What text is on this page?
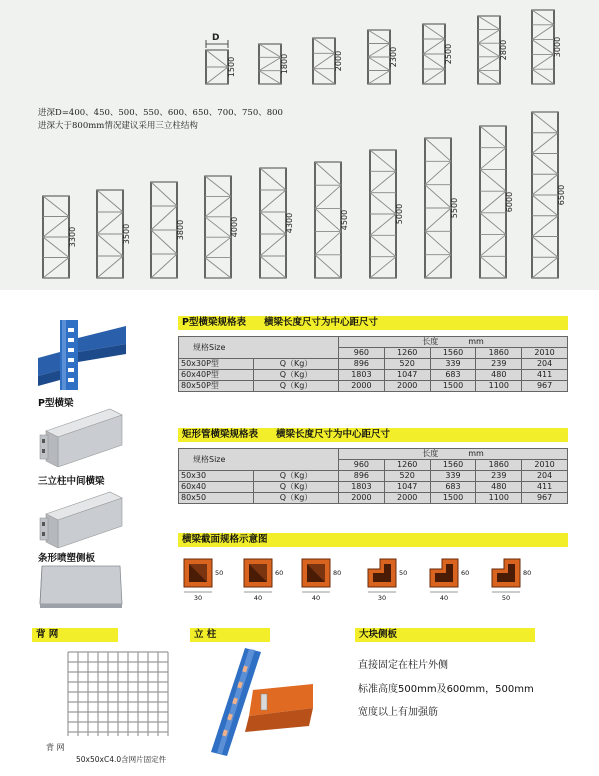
1500	1800	2000	2300	2500	2800	3000
3300	3500	3800	4000	4300	4500	5000	5500	6000	6500
D
进深D=400、450、500、550、600、650、700、750、800
进深大于800mm情况建议采用三立柱结构
P型横梁
三立柱中间横梁
条形喷塑侧板
P型横梁规格表 横梁长度尺寸为中心距尺寸
规格Size		长度 mm				
		960	1260	1560	1860	2010
50x30P型	Q（Kg）	896	520	339	239	204
60x40P型	Q（Kg）	1803	1047	683	480	411
80x50P型	Q（Kg）	2000	2000	1500	1100	967
矩形管横梁规格表 横梁长度尺寸为中心距尺寸
规格Size		长度 mm				
		960	1260	1560	1860	2010
50x30	Q（Kg）	896	520	339	239	204
60x40	Q（Kg）	1803	1047	683	480	411
80x50	Q（Kg）	2000	2000	1500	1100	967
横梁截面规格示意图
50
30
60
40
80
40
50
30
60
40
80
50
背 网	立 柱	大块侧板
背 网
50x50xC4.0含网片固定件
直接固定在柱片外侧
标准高度500mm及600mm，500mm
宽度以上有加强筋
